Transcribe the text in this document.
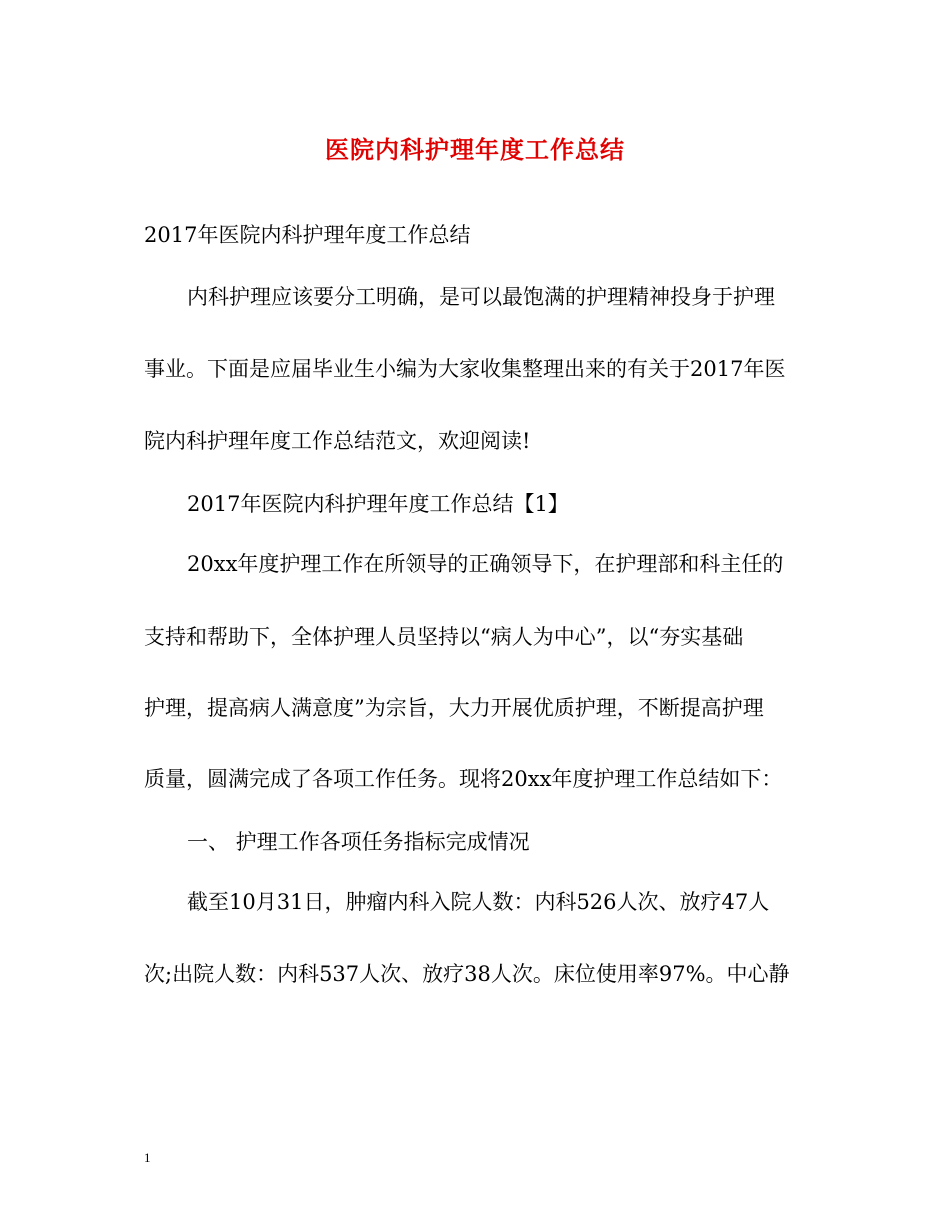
医院内科护理年度工作总结
2017年医院内科护理年度工作总结
内科护理应该要分工明确，是可以最饱满的护理精神投身于护理
事业。下面是应届毕业生小编为大家收集整理出来的有关于2017年医
院内科护理年度工作总结范文，欢迎阅读!
2017年医院内科护理年度工作总结【1】
20xx年度护理工作在所领导的正确领导下，在护理部和科主任的
支持和帮助下，全体护理人员坚持以“病人为中心”，以“夯实基础
护理，提高病人满意度”为宗旨，大力开展优质护理，不断提高护理
质量，圆满完成了各项工作任务。现将20xx年度护理工作总结如下：
一、 护理工作各项任务指标完成情况
截至10月31日，肿瘤内科入院人数：内科526人次、放疗47人
次;出院人数：内科537人次、放疗38人次。床位使用率97%。中心静
1
